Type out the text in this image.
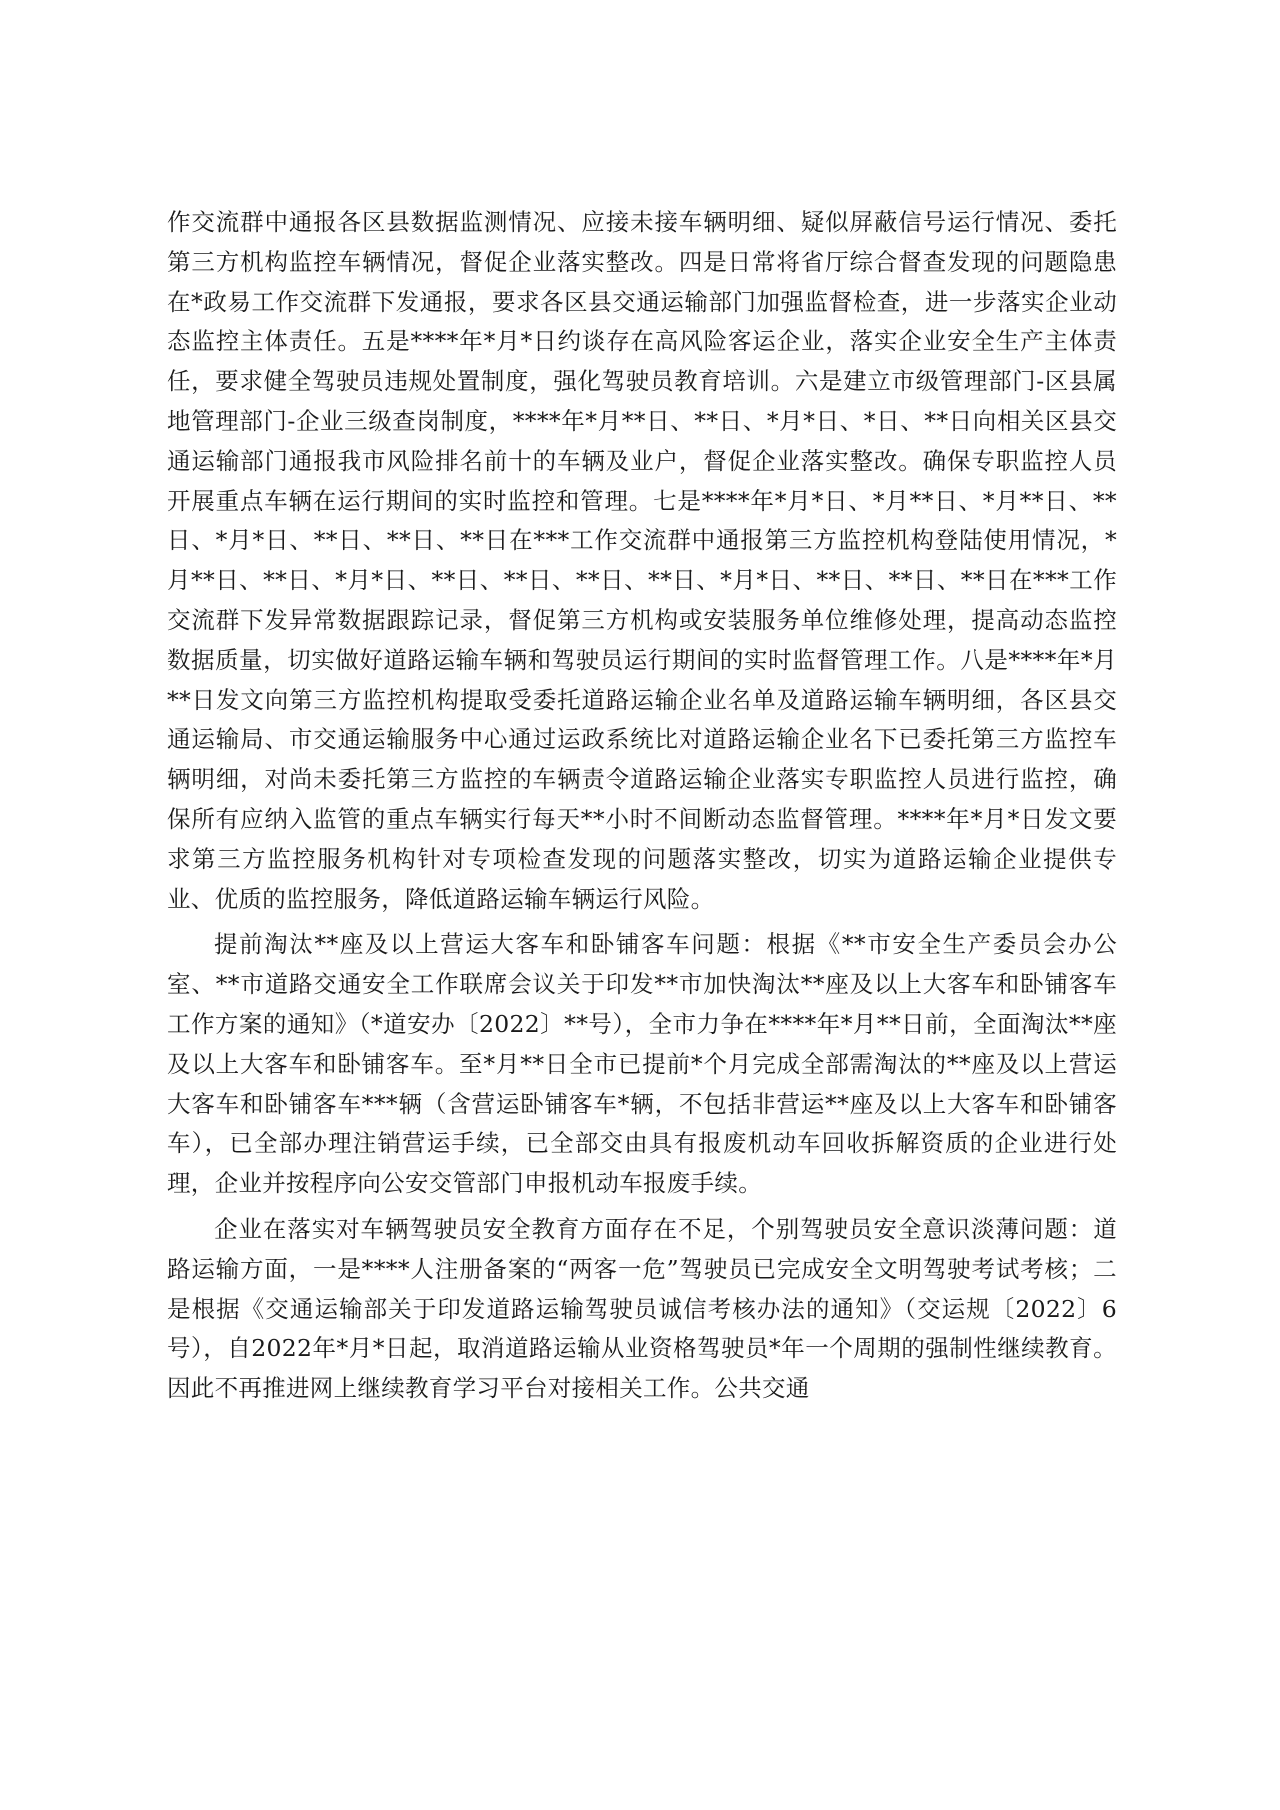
作交流群中通报各区县数据监测情况、应接未接车辆明细、疑似屏蔽信号运行情况、委托第三方机构监控车辆情况，督促企业落实整改。四是日常将省厅综合督查发现的问题隐患在*政易工作交流群下发通报，要求各区县交通运输部门加强监督检查，进一步落实企业动态监控主体责任。五是****年*月*日约谈存在高风险客运企业，落实企业安全生产主体责任，要求健全驾驶员违规处置制度，强化驾驶员教育培训。六是建立市级管理部门-区县属地管理部门-企业三级查岗制度，****年*月**日、**日、*月*日、*日、**日向相关区县交通运输部门通报我市风险排名前十的车辆及业户，督促企业落实整改。确保专职监控人员开展重点车辆在运行期间的实时监控和管理。七是****年*月*日、*月**日、*月**日、**日、*月*日、**日、**日、**日在***工作交流群中通报第三方监控机构登陆使用情况，*月**日、**日、*月*日、**日、**日、**日、**日、*月*日、**日、**日、**日在***工作交流群下发异常数据跟踪记录，督促第三方机构或安装服务单位维修处理，提高动态监控数据质量，切实做好道路运输车辆和驾驶员运行期间的实时监督管理工作。八是****年*月**日发文向第三方监控机构提取受委托道路运输企业名单及道路运输车辆明细，各区县交通运输局、市交通运输服务中心通过运政系统比对道路运输企业名下已委托第三方监控车辆明细，对尚未委托第三方监控的车辆责令道路运输企业落实专职监控人员进行监控，确保所有应纳入监管的重点车辆实行每天**小时不间断动态监督管理。****年*月*日发文要求第三方监控服务机构针对专项检查发现的问题落实整改，切实为道路运输企业提供专业、优质的监控服务，降低道路运输车辆运行风险。

提前淘汰**座及以上营运大客车和卧铺客车问题：根据《**市安全生产委员会办公室、**市道路交通安全工作联席会议关于印发**市加快淘汰**座及以上大客车和卧铺客车工作方案的通知》（*道安办〔2022〕**号），全市力争在****年*月**日前，全面淘汰**座及以上大客车和卧铺客车。至*月**日全市已提前*个月完成全部需淘汰的**座及以上营运大客车和卧铺客车***辆（含营运卧铺客车*辆，不包括非营运**座及以上大客车和卧铺客车），已全部办理注销营运手续，已全部交由具有报废机动车回收拆解资质的企业进行处理，企业并按程序向公安交管部门申报机动车报废手续。

企业在落实对车辆驾驶员安全教育方面存在不足，个别驾驶员安全意识淡薄问题：道路运输方面，一是****人注册备案的“两客一危”驾驶员已完成安全文明驾驶考试考核；二是根据《交通运输部关于印发道路运输驾驶员诚信考核办法的通知》（交运规〔2022〕6号），自2022年*月*日起，取消道路运输从业资格驾驶员*年一个周期的强制性继续教育。因此不再推进网上继续教育学习平台对接相关工作。公共交通
